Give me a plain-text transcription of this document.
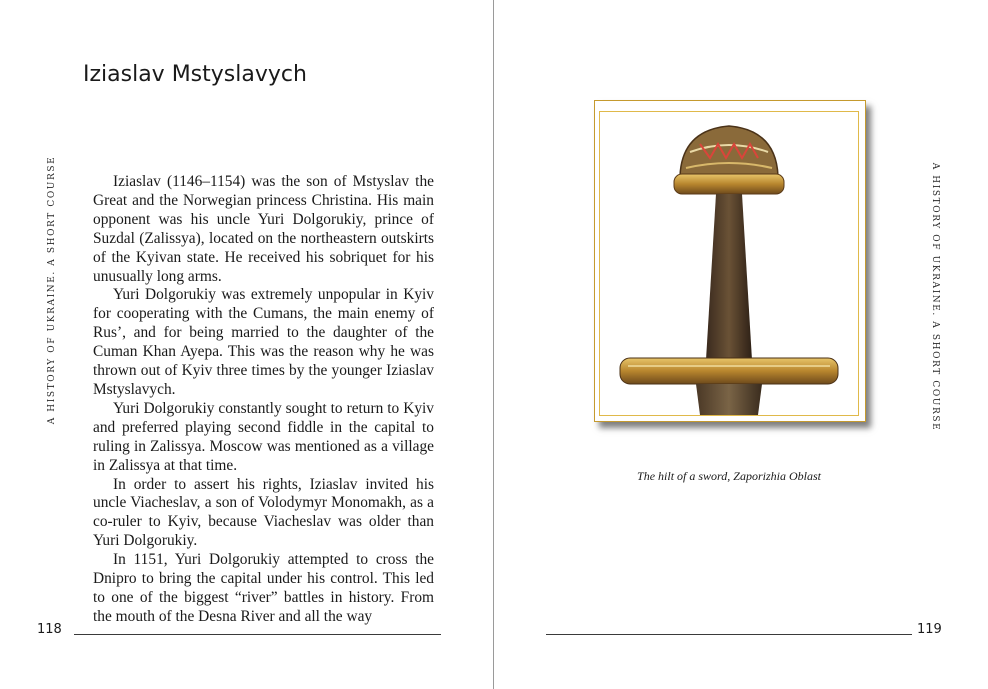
A HISTORY OF UKRAINE. A SHORT COURSE
Iziaslav Mstyslavych

Iziaslav (1146–1154) was the son of Mstyslav the Great and the Norwegian princess Christina. His main opponent was his uncle Yuri Dolgorukiy, prince of Suzdal (Zalissya), located on the northeastern outskirts of the Kyivan state. He received his sobriquet for his unusually long arms.

Yuri Dolgorukiy was extremely unpopular in Kyiv for cooperating with the Cumans, the main enemy of Rus’, and for being married to the daughter of the Cuman Khan Ayepa. This was the reason why he was thrown out of Kyiv three times by the younger Iziaslav Mstyslavych.

Yuri Dolgorukiy constantly sought to return to Kyiv and preferred playing second fiddle in the capital to ruling in Zalissya. Moscow was mentioned as a village in Zalissya at that time.

In order to assert his rights, Iziaslav invited his uncle Viacheslav, a son of Volodymyr Monomakh, as a co-ruler to Kyiv, because Viacheslav was older than Yuri Dolgorukiy.

In 1151, Yuri Dolgorukiy attempted to cross the Dnipro to bring the capital under his control. This led to one of the biggest “river” battles in history. From the mouth of the Desna River and all the way

118
The hilt of a sword, Zaporizhia Oblast
A HISTORY OF UKRAINE. A SHORT COURSE
119
